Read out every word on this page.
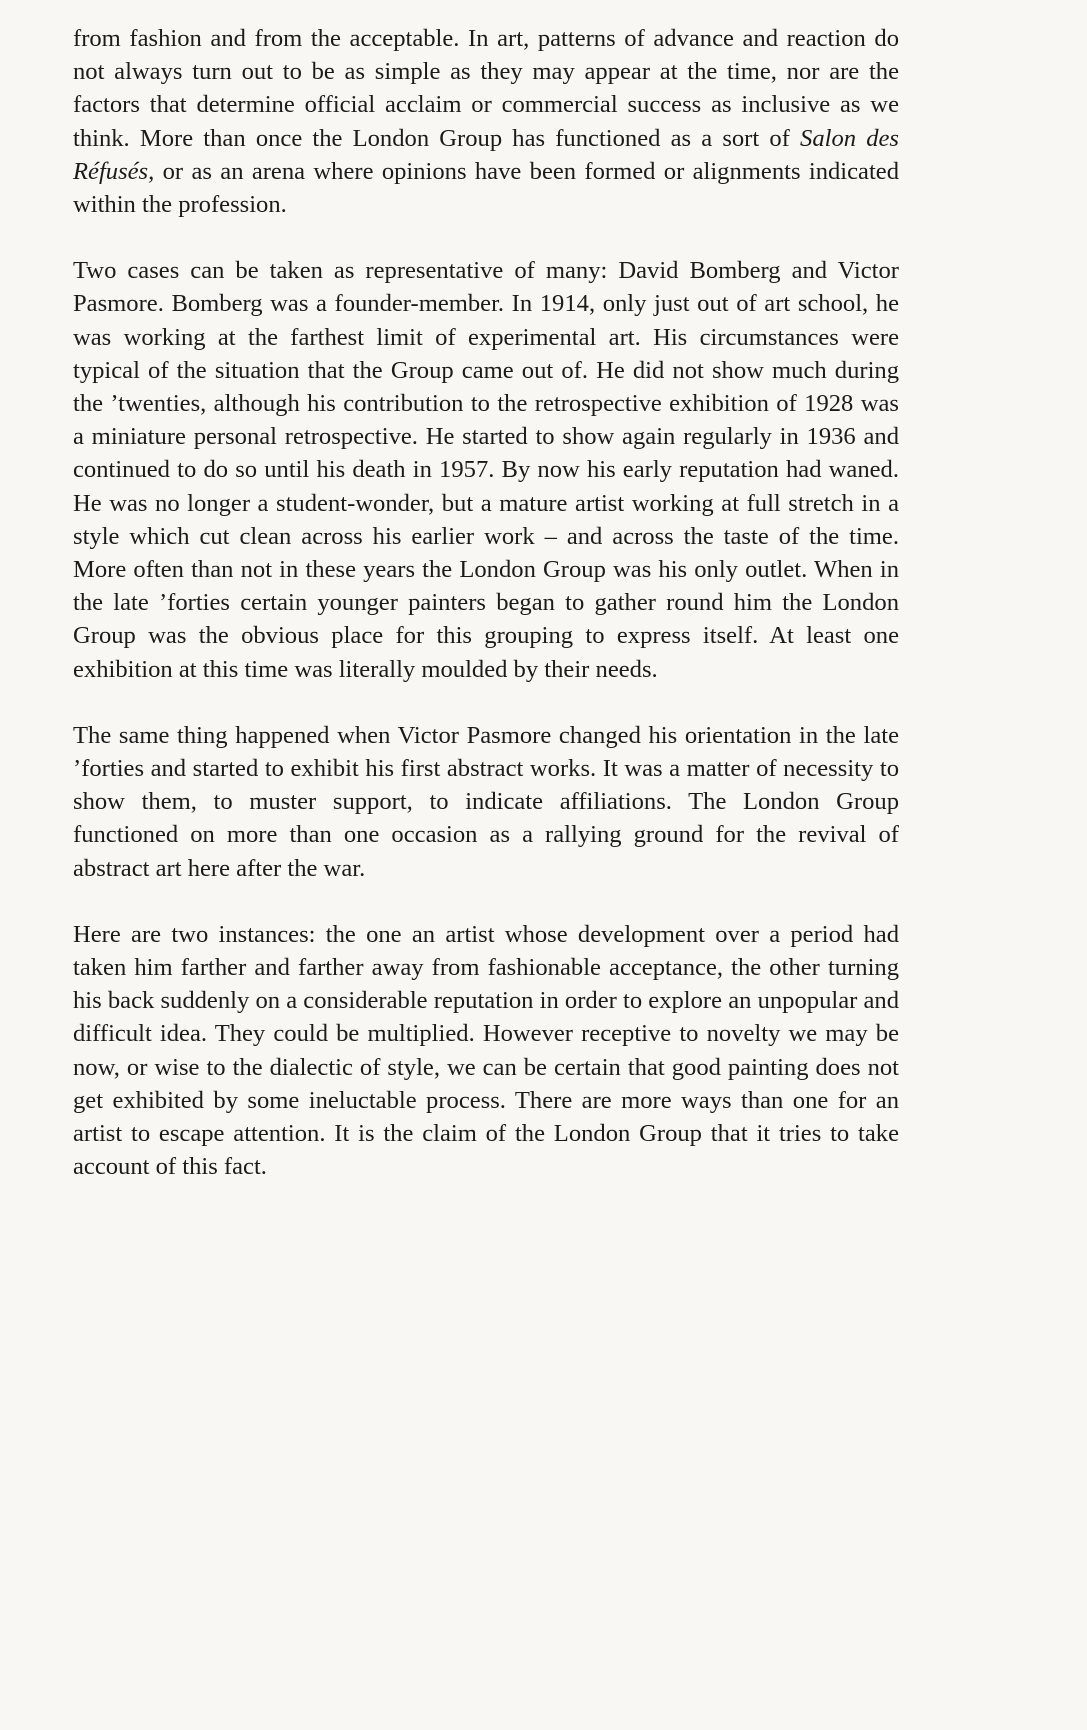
from fashion and from the acceptable. In art, patterns of advance and reaction do not always turn out to be as simple as they may appear at the time, nor are the factors that determine official acclaim or commercial success as inclusive as we think. More than once the London Group has functioned as a sort of Salon des Réfusés, or as an arena where opinions have been formed or alignments indicated within the profession.

Two cases can be taken as representative of many: David Bomberg and Victor Pasmore. Bomberg was a founder-member. In 1914, only just out of art school, he was working at the farthest limit of experimental art. His circumstances were typical of the situation that the Group came out of. He did not show much during the ’twenties, although his contribution to the retrospective exhibition of 1928 was a miniature personal retrospective. He started to show again regularly in 1936 and continued to do so until his death in 1957. By now his early reputation had waned. He was no longer a student-wonder, but a mature artist working at full stretch in a style which cut clean across his earlier work – and across the taste of the time. More often than not in these years the London Group was his only outlet. When in the late ’forties certain younger painters began to gather round him the London Group was the obvious place for this grouping to express itself. At least one exhibition at this time was literally moulded by their needs.

The same thing happened when Victor Pasmore changed his orientation in the late ’forties and started to exhibit his first abstract works. It was a matter of necessity to show them, to muster support, to indicate affiliations. The London Group functioned on more than one occasion as a rallying ground for the revival of abstract art here after the war.

Here are two instances: the one an artist whose development over a period had taken him farther and farther away from fashionable acceptance, the other turning his back suddenly on a considerable reputation in order to explore an unpopular and difficult idea. They could be multiplied. However receptive to novelty we may be now, or wise to the dialectic of style, we can be certain that good painting does not get exhibited by some ineluctable process. There are more ways than one for an artist to escape attention. It is the claim of the London Group that it tries to take account of this fact.
